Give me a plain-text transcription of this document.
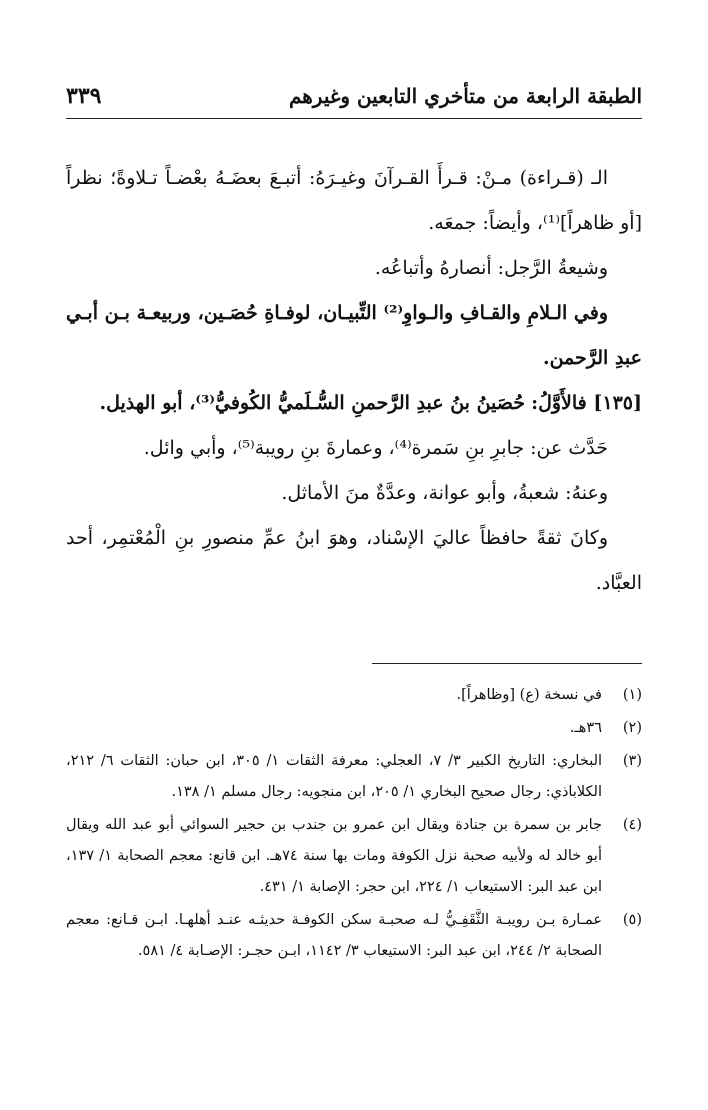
الطبقة الرابعة من متأخري التابعين وغيرهم
٣٣٩

الـ (قـراءة) مـنْ: قـرأَ القـرآنَ وغيـرَهُ: أتبـعَ بعضَـهُ بعْضـاً تـلاوةً؛ نظراً [أو ظاهراً]⁽¹⁾، وأيضاً: جمعَه.

وشيعةُ الرَّجل: أنصارهُ وأتباعُه.

وفي الـلامِ والقـافِ والـواوِ⁽²⁾ التِّبيـان، لوفـاةِ حُصَـين، وربيعـة بـن أبـي عبدِ الرَّحمن.

[١٣٥] فالأَوَّلُ: حُصَينُ بنُ عبدِ الرَّحمنِ السُّـلَميُّ الكُوفيُّ⁽³⁾، أبو الهذيل.

حَدَّث عن: جابرِ بنِ سَمرة⁽⁴⁾، وعمارةَ بنِ رويبة⁽⁵⁾، وأبي وائل.

وعنهُ: شعبةُ، وأبو عوانة، وعدَّةٌ منَ الأماثل.

وكانَ ثقةً حافظاً عاليَ الإسْناد، وهوَ ابنُ عمِّ منصورِ بنِ الْمُعْتمِر، أحد العبَّاد.

(١)
في نسخة (ع) [وظاهراً].
(٢)
٣٦هـ.
(٣)
البخاري: التاريخ الكبير ٣/ ٧، العجلي: معرفة الثقات ١/ ٣٠٥، ابن حبان: الثقات ٦/ ٢١٢، الكلاباذي: رجال صحيح البخاري ١/ ٢٠٥، ابن منجويه: رجال مسلم ١/ ١٣٨.
(٤)
جابر بن سمرة بن جنادة ويقال ابن عمرو بن جندب بن حجير السوائي أبو عبد الله ويقال أبو خالد له ولأبيه صحبة نزل الكوفة ومات بها سنة ٧٤هـ. ابن قانع: معجم الصحابة ١/ ١٣٧، ابن عبد البر: الاستيعاب ١/ ٢٢٤، ابن حجر: الإصابة ١/ ٤٣١.
(٥)
عمـارة بـن رويبـة الثَّقَفِـيُّ لـه صحبـة سكن الكوفـة حديثـه عنـد أهلهـا. ابـن قـانع: معجم الصحابة ٢/ ٢٤٤، ابن عبد البر: الاستيعاب ٣/ ١١٤٢، ابـن حجـر: الإصـابة ٤/ ٥٨١.
